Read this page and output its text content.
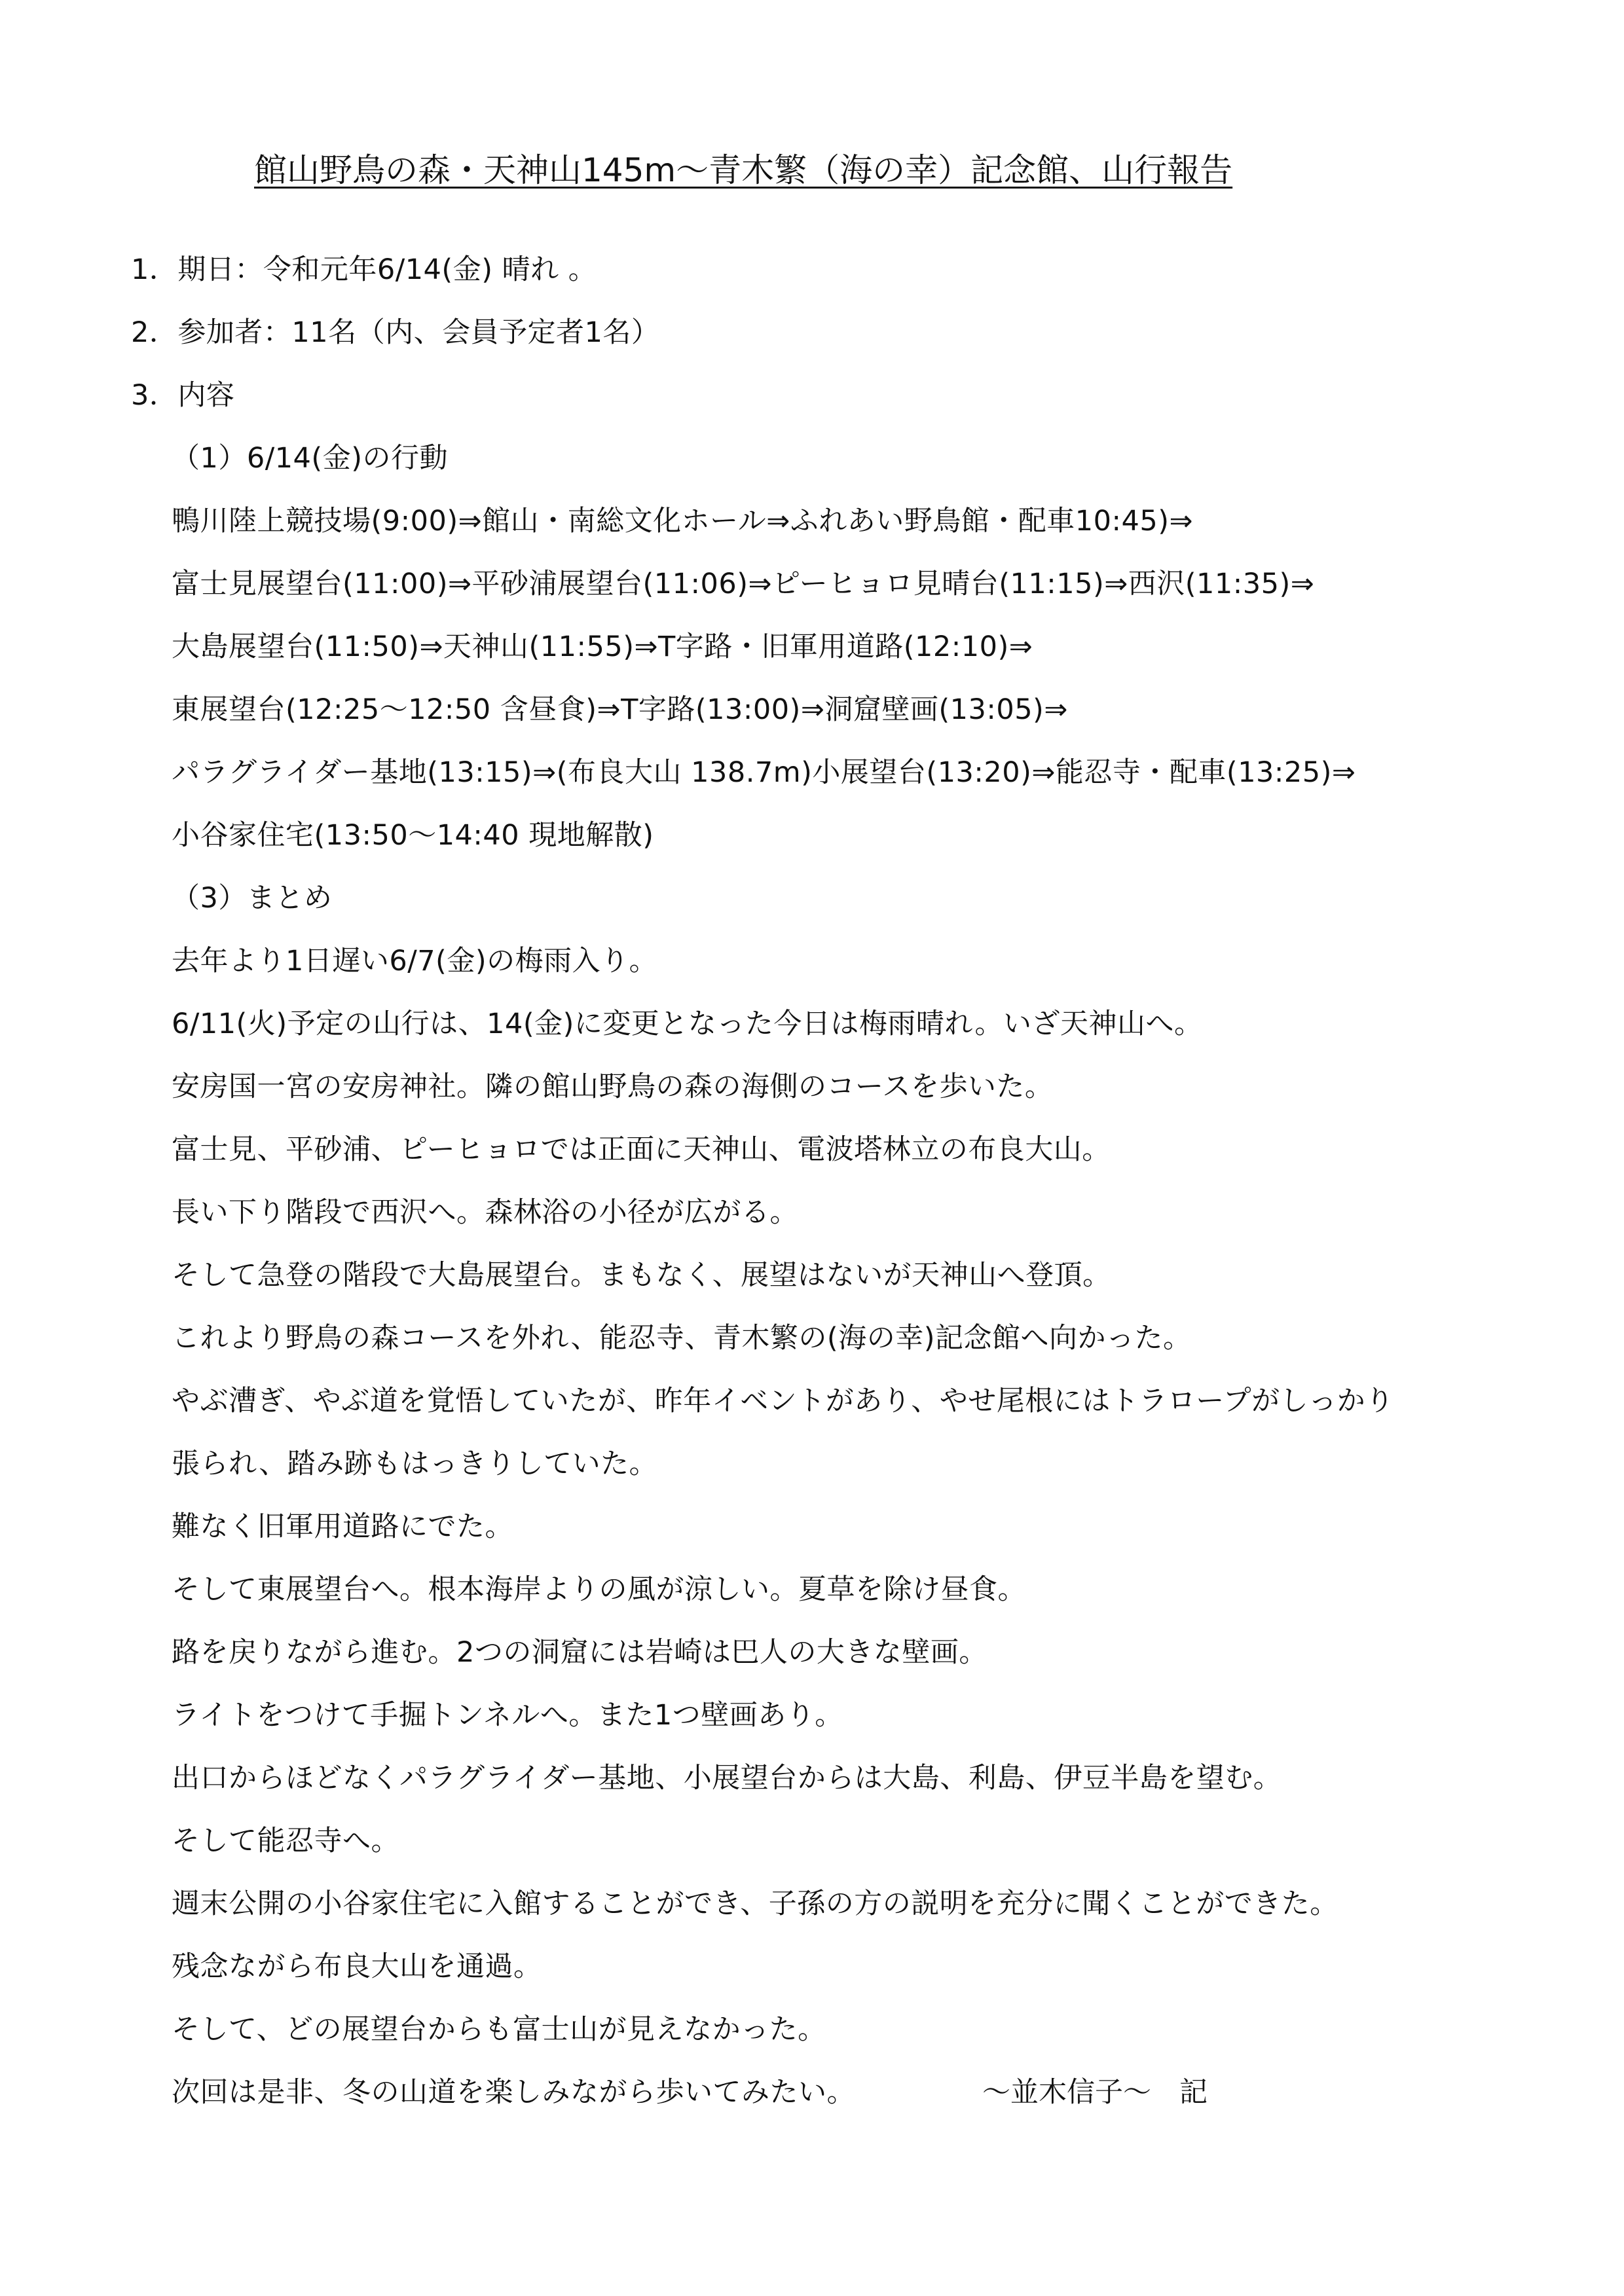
館山野鳥の森・天神山145m〜青木繁（海の幸）記念館、山行報告
1．期日：令和元年6/14(金) 晴れ 。
2．参加者：11名（内、会員予定者1名）
3．内容
（1）6/14(金)の行動
鴨川陸上競技場(9:00)⇒館山・南総文化ホール⇒ふれあい野鳥館・配車10:45)⇒
富士見展望台(11:00)⇒平砂浦展望台(11:06)⇒ピーヒョロ見晴台(11:15)⇒西沢(11:35)⇒
大島展望台(11:50)⇒天神山(11:55)⇒T字路・旧軍用道路(12:10)⇒
東展望台(12:25〜12:50 含昼食)⇒T字路(13:00)⇒洞窟壁画(13:05)⇒
パラグライダー基地(13:15)⇒(布良大山 138.7m)小展望台(13:20)⇒能忍寺・配車(13:25)⇒
小谷家住宅(13:50〜14:40 現地解散)
（3）まとめ
去年より1日遅い6/7(金)の梅雨入り。
6/11(火)予定の山行は、14(金)に変更となった今日は梅雨晴れ。いざ天神山へ。
安房国一宮の安房神社。隣の館山野鳥の森の海側のコースを歩いた。
富士見、平砂浦、ピーヒョロでは正面に天神山、電波塔林立の布良大山。
長い下り階段で西沢へ。森林浴の小径が広がる。
そして急登の階段で大島展望台。まもなく、展望はないが天神山へ登頂。
これより野鳥の森コースを外れ、能忍寺、青木繁の(海の幸)記念館へ向かった。
やぶ漕ぎ、やぶ道を覚悟していたが、昨年イベントがあり、やせ尾根にはトラロープがしっかり
張られ、踏み跡もはっきりしていた。
難なく旧軍用道路にでた。
そして東展望台へ。根本海岸よりの風が涼しい。夏草を除け昼食。
路を戻りながら進む。2つの洞窟には岩崎は巴人の大きな壁画。
ライトをつけて手掘トンネルへ。また1つ壁画あり。
出口からほどなくパラグライダー基地、小展望台からは大島、利島、伊豆半島を望む。
そして能忍寺へ。
週末公開の小谷家住宅に入館することができ、子孫の方の説明を充分に聞くことができた。
残念ながら布良大山を通過。
そして、どの展望台からも富士山が見えなかった。
次回は是非、冬の山道を楽しみながら歩いてみたい。	〜並木信子〜　記
